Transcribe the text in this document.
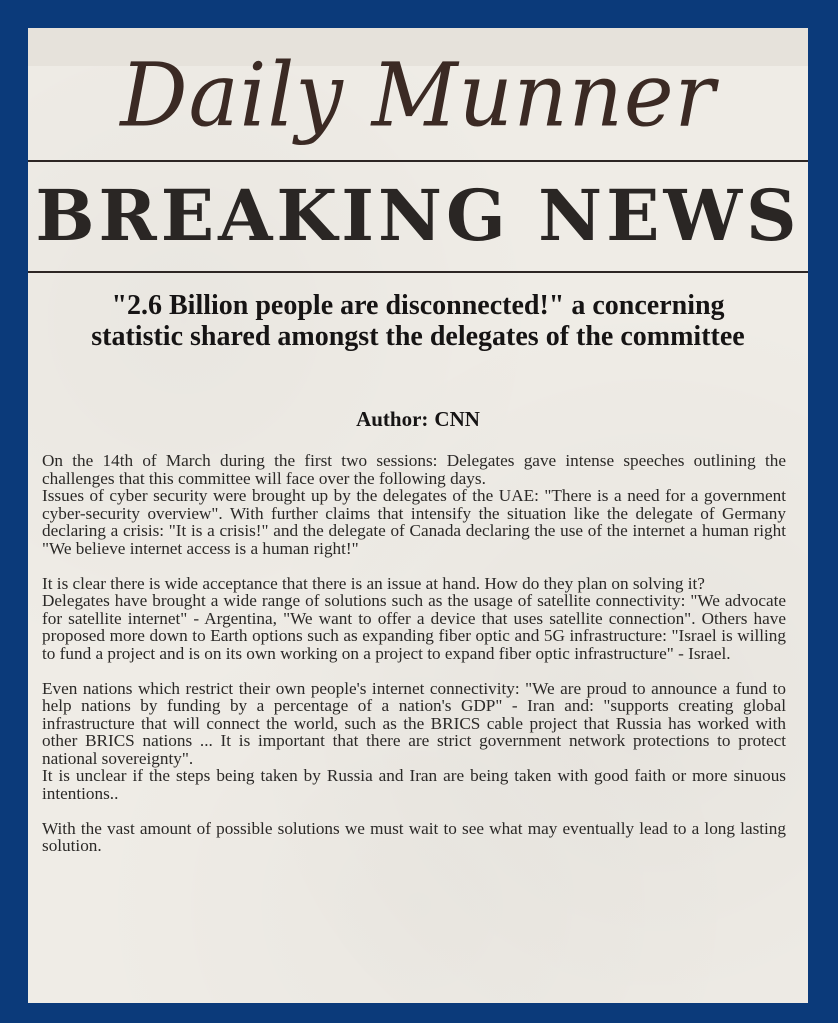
Daily Munner
BREAKING NEWS
"2.6 Billion people are disconnected!" a concerning statistic shared amongst the delegates of the committee
Author: CNN

On the 14th of March during the first two sessions: Delegates gave intense speeches outlining the challenges that this committee will face over the following days.

Issues of cyber security were brought up by the delegates of the UAE: "There is a need for a government cyber-security overview". With further claims that intensify the situation like the delegate of Germany declaring a crisis: "It is a crisis!" and the delegate of Canada declaring the use of the internet a human right "We believe internet access is a human right!"

It is clear there is wide acceptance that there is an issue at hand. How do they plan on solving it?

Delegates have brought a wide range of solutions such as the usage of satellite connectivity: "We advocate for satellite internet" - Argentina, "We want to offer a device that uses satellite connection". Others have proposed more down to Earth options such as expanding fiber optic and 5G infrastructure: "Israel is willing to fund a project and is on its own working on a project to expand fiber optic infrastructure" - Israel.

Even nations which restrict their own people's internet connectivity: "We are proud to announce a fund to help nations by funding by a percentage of a nation's GDP" - Iran and: "supports creating global infrastructure that will connect the world, such as the BRICS cable project that Russia has worked with other BRICS nations ... It is important that there are strict government network protections to protect national sovereignty".

It is unclear if the steps being taken by Russia and Iran are being taken with good faith or more sinuous intentions..

With the vast amount of possible solutions we must wait to see what may eventually lead to a long lasting solution.
